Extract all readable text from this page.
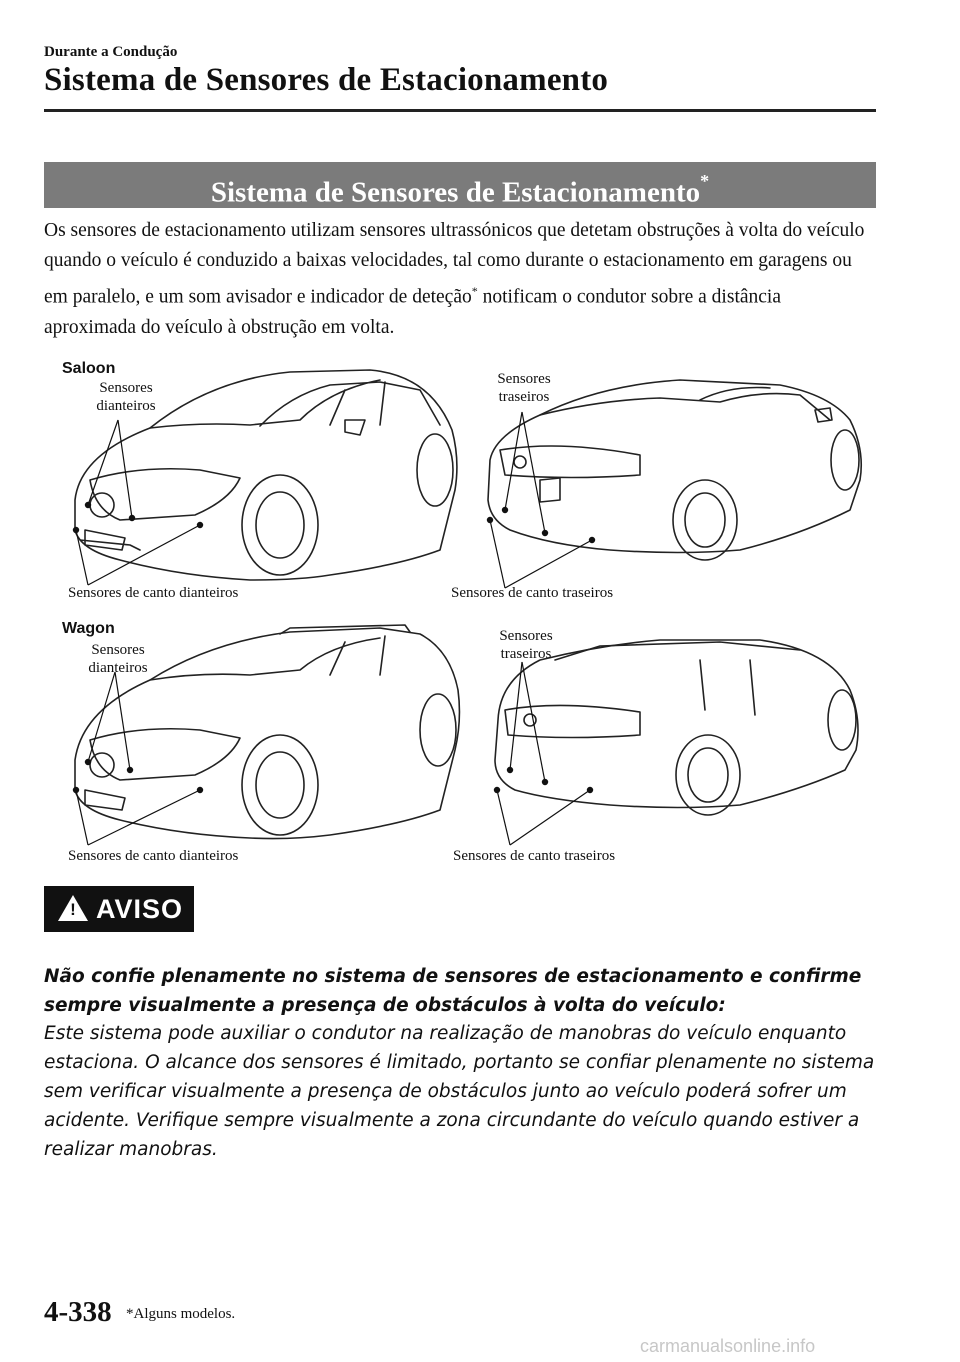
Durante a Condução
Sistema de Sensores de Estacionamento
Sistema de Sensores de Estacionamento*

Os sensores de estacionamento utilizam sensores ultrassónicos que detetam obstruções à volta do veículo quando o veículo é conduzido a baixas velocidades, tal como durante o estacionamento em garagens ou em paralelo, e um som avisador e indicador de deteção* notificam o condutor sobre a distância aproximada do veículo à obstrução em volta.

Saloon
Sensores
dianteiros
Sensores
traseiros
Sensores de canto dianteiros	Sensores de canto traseiros
Wagon
Sensores
dianteiros
Sensores
traseiros
Sensores de canto dianteiros	Sensores de canto traseiros
! AVISO

Não confie plenamente no sistema de sensores de estacionamento e confirme sempre visualmente a presença de obstáculos à volta do veículo:

Este sistema pode auxiliar o condutor na realização de manobras do veículo enquanto estaciona. O alcance dos sensores é limitado, portanto se confiar plenamente no sistema sem verificar visualmente a presença de obstáculos junto ao veículo poderá sofrer um acidente. Verifique sempre visualmente a zona circundante do veículo quando estiver a realizar manobras.

4-338 *Alguns modelos.
carmanualsonline.info
